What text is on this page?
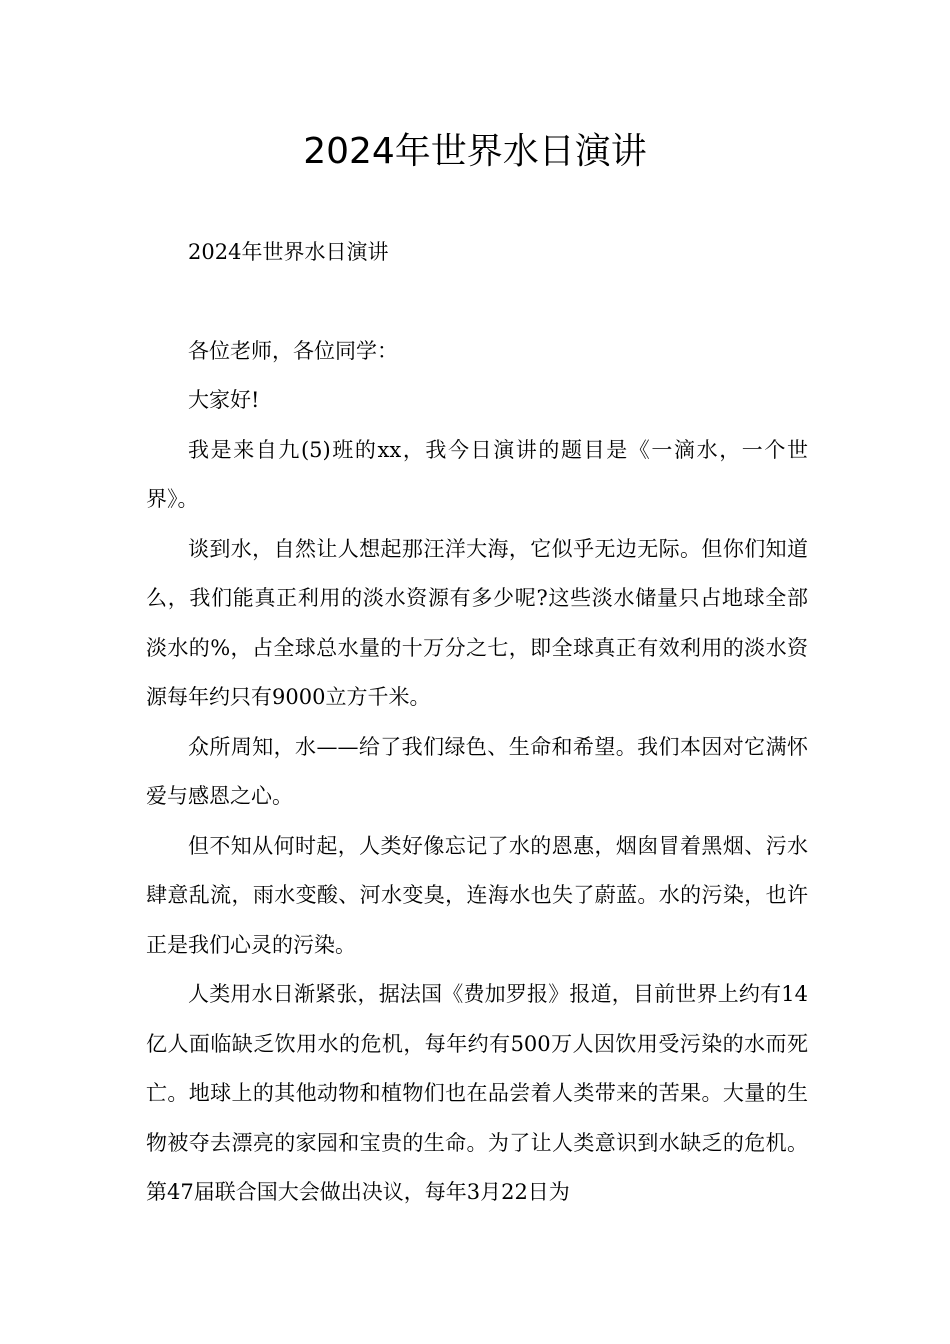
2024年世界水日演讲

2024年世界水日演讲

各位老师，各位同学：

大家好!

我是来自九(5)班的xx，我今日演讲的题目是《一滴水，一个世界》。

谈到水，自然让人想起那汪洋大海，它似乎无边无际。但你们知道么，我们能真正利用的淡水资源有多少呢?这些淡水储量只占地球全部淡水的%，占全球总水量的十万分之七，即全球真正有效利用的淡水资源每年约只有9000立方千米。

众所周知，水——给了我们绿色、生命和希望。我们本因对它满怀爱与感恩之心。

但不知从何时起，人类好像忘记了水的恩惠，烟囱冒着黑烟、污水肆意乱流，雨水变酸、河水变臭，连海水也失了蔚蓝。水的污染，也许正是我们心灵的污染。

人类用水日渐紧张，据法国《费加罗报》报道，目前世界上约有14亿人面临缺乏饮用水的危机，每年约有500万人因饮用受污染的水而死亡。地球上的其他动物和植物们也在品尝着人类带来的苦果。大量的生物被夺去漂亮的家园和宝贵的生命。为了让人类意识到水缺乏的危机。第47届联合国大会做出决议，每年3月22日为
